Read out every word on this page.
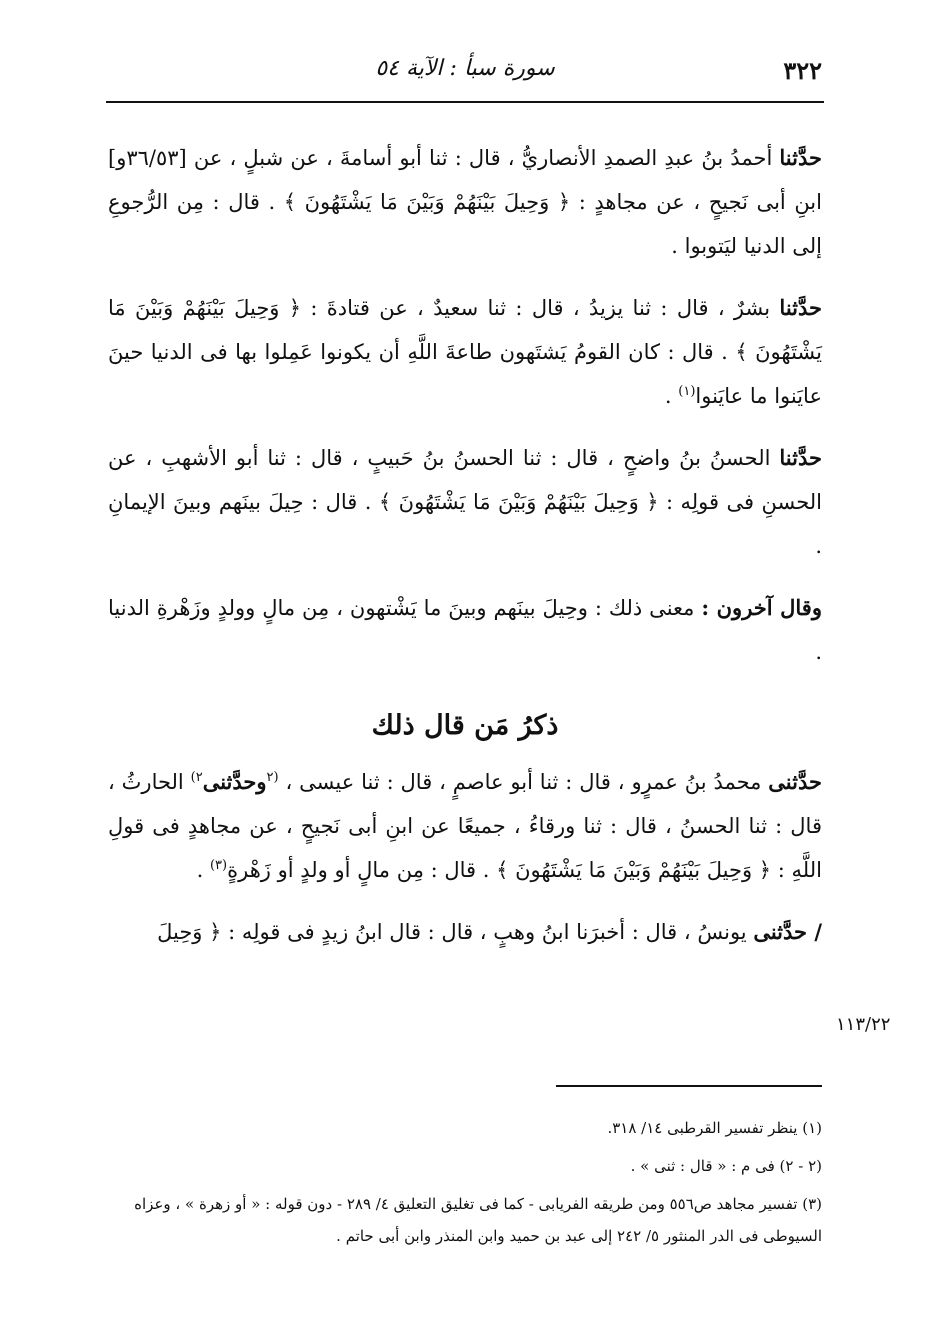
٣٢٢
سورة سبأ : الآية ٥٤

حدَّثنا أحمدُ بنُ عبدِ الصمدِ الأنصاريُّ ، قال : ثنا أبو أسامةَ ، عن شبلٍ ، عن [٣٦/٥٣و] ابنِ أبى نَجيحٍ ، عن مجاهدٍ : ﴿ وَحِيلَ بَيْنَهُمْ وَبَيْنَ مَا يَشْتَهُونَ ﴾ . قال : مِن الرُّجوعِ إلى الدنيا ليَتوبوا .

حدَّثنا بشرٌ ، قال : ثنا يزيدُ ، قال : ثنا سعيدٌ ، عن قتادةَ : ﴿ وَحِيلَ بَيْنَهُمْ وَبَيْنَ مَا يَشْتَهُونَ ﴾ . قال : كان القومُ يَشتَهون طاعةَ اللَّهِ أن يكونوا عَمِلوا بها فى الدنيا حينَ عايَنوا ما عايَنوا$^{(١)}$ .

حدَّثنا الحسنُ بنُ واضحٍ ، قال : ثنا الحسنُ بنُ حَبيبٍ ، قال : ثنا أبو الأشهبِ ، عن الحسنِ فى قولِه : ﴿ وَحِيلَ بَيْنَهُمْ وَبَيْنَ مَا يَشْتَهُونَ ﴾ . قال : حِيلَ بينَهم وبينَ الإيمانِ .

وقال آخرون : معنى ذلك : وحِيلَ بينَهم وبينَ ما يَشْتهون ، مِن مالٍ وولدٍ وزَهْرةِ الدنيا .

ذكرُ مَن قال ذلك

حدَّثنى محمدُ بنُ عمرٍو ، قال : ثنا أبو عاصمٍ ، قال : ثنا عيسى ، $^{(٢}$وحدَّثنى$^{٢)}$ الحارثُ ، قال : ثنا الحسنُ ، قال : ثنا ورقاءُ ، جميعًا عن ابنِ أبى نَجيحٍ ، عن مجاهدٍ فى قولِ اللَّهِ : ﴿ وَحِيلَ بَيْنَهُمْ وَبَيْنَ مَا يَشْتَهُونَ ﴾ . قال : مِن مالٍ أو ولدٍ أو زَهْرةٍ$^{(٣)}$ .

/ حدَّثنى يونسُ ، قال : أخبرَنا ابنُ وهبٍ ، قال : قال ابنُ زيدٍ فى قولِه : ﴿ وَحِيلَ

١١٣/٢٢

(١) ينظر تفسير القرطبى ١٤/ ٣١٨.

(٢ - ٢) فى م : « قال : ثنى » .

(٣) تفسير مجاهد ص٥٥٦ ومن طريقه الفريابى - كما فى تغليق التعليق ٤/ ٢٨٩ - دون قوله : « أو زهرة » ، وعزاه السيوطى فى الدر المنثور ٥/ ٢٤٢ إلى عبد بن حميد وابن المنذر وابن أبى حاتم .
